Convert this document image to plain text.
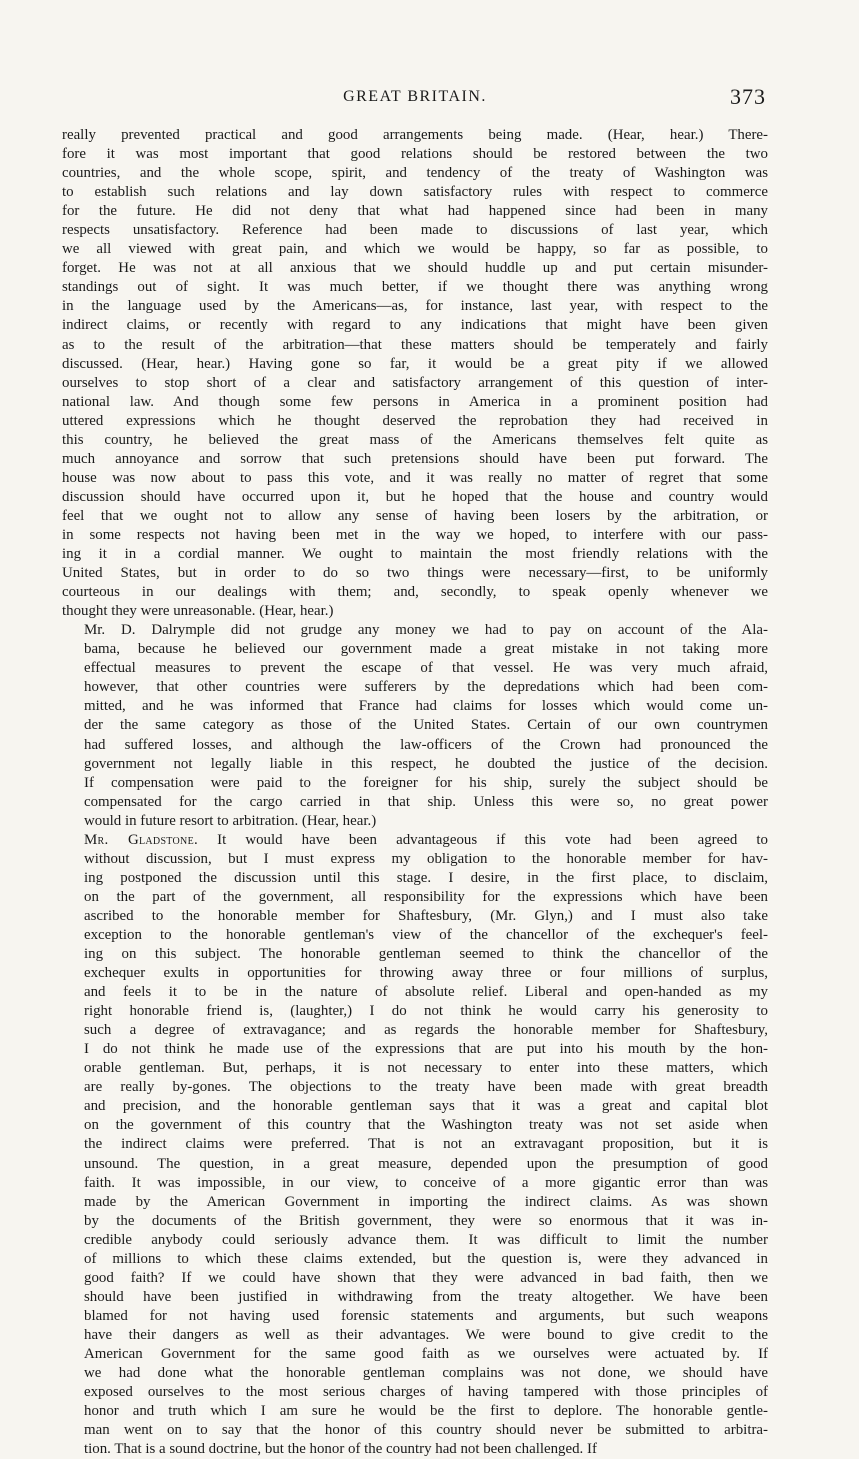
GREAT BRITAIN.	373
really prevented practical and good arrangements being made. (Hear, hear.) There-
fore it was most important that good relations should be restored between the two
countries, and the whole scope, spirit, and tendency of the treaty of Washington was
to establish such relations and lay down satisfactory rules with respect to commerce
for the future. He did not deny that what had happened since had been in many
respects unsatisfactory. Reference had been made to discussions of last year, which
we all viewed with great pain, and which we would be happy, so far as possible, to
forget. He was not at all anxious that we should huddle up and put certain misunder-
standings out of sight. It was much better, if we thought there was anything wrong
in the language used by the Americans—as, for instance, last year, with respect to the
indirect claims, or recently with regard to any indications that might have been given
as to the result of the arbitration—that these matters should be temperately and fairly
discussed. (Hear, hear.) Having gone so far, it would be a great pity if we allowed
ourselves to stop short of a clear and satisfactory arrangement of this question of inter-
national law. And though some few persons in America in a prominent position had
uttered expressions which he thought deserved the reprobation they had received in
this country, he believed the great mass of the Americans themselves felt quite as
much annoyance and sorrow that such pretensions should have been put forward. The
house was now about to pass this vote, and it was really no matter of regret that some
discussion should have occurred upon it, but he hoped that the house and country would
feel that we ought not to allow any sense of having been losers by the arbitration, or
in some respects not having been met in the way we hoped, to interfere with our pass-
ing it in a cordial manner. We ought to maintain the most friendly relations with the
United States, but in order to do so two things were necessary—first, to be uniformly
courteous in our dealings with them; and, secondly, to speak openly whenever we
thought they were unreasonable. (Hear, hear.)
Mr. D. Dalrymple did not grudge any money we had to pay on account of the Ala-
bama, because he believed our government made a great mistake in not taking more
effectual measures to prevent the escape of that vessel. He was very much afraid,
however, that other countries were sufferers by the depredations which had been com-
mitted, and he was informed that France had claims for losses which would come un-
der the same category as those of the United States. Certain of our own countrymen
had suffered losses, and although the law-officers of the Crown had pronounced the
government not legally liable in this respect, he doubted the justice of the decision.
If compensation were paid to the foreigner for his ship, surely the subject should be
compensated for the cargo carried in that ship. Unless this were so, no great power
would in future resort to arbitration. (Hear, hear.)
Mr. Gladstone. It would have been advantageous if this vote had been agreed to
without discussion, but I must express my obligation to the honorable member for hav-
ing postponed the discussion until this stage. I desire, in the first place, to disclaim,
on the part of the government, all responsibility for the expressions which have been
ascribed to the honorable member for Shaftesbury, (Mr. Glyn,) and I must also take
exception to the honorable gentleman's view of the chancellor of the exchequer's feel-
ing on this subject. The honorable gentleman seemed to think the chancellor of the
exchequer exults in opportunities for throwing away three or four millions of surplus,
and feels it to be in the nature of absolute relief. Liberal and open-handed as my
right honorable friend is, (laughter,) I do not think he would carry his generosity to
such a degree of extravagance; and as regards the honorable member for Shaftesbury,
I do not think he made use of the expressions that are put into his mouth by the hon-
orable gentleman. But, perhaps, it is not necessary to enter into these matters, which
are really by-gones. The objections to the treaty have been made with great breadth
and precision, and the honorable gentleman says that it was a great and capital blot
on the government of this country that the Washington treaty was not set aside when
the indirect claims were preferred. That is not an extravagant proposition, but it is
unsound. The question, in a great measure, depended upon the presumption of good
faith. It was impossible, in our view, to conceive of a more gigantic error than was
made by the American Government in importing the indirect claims. As was shown
by the documents of the British government, they were so enormous that it was in-
credible anybody could seriously advance them. It was difficult to limit the number
of millions to which these claims extended, but the question is, were they advanced in
good faith? If we could have shown that they were advanced in bad faith, then we
should have been justified in withdrawing from the treaty altogether. We have been
blamed for not having used forensic statements and arguments, but such weapons
have their dangers as well as their advantages. We were bound to give credit to the
American Government for the same good faith as we ourselves were actuated by. If
we had done what the honorable gentleman complains was not done, we should have
exposed ourselves to the most serious charges of having tampered with those principles of
honor and truth which I am sure he would be the first to deplore. The honorable gentle-
man went on to say that the honor of this country should never be submitted to arbitra-
tion. That is a sound doctrine, but the honor of the country had not been challenged. If
